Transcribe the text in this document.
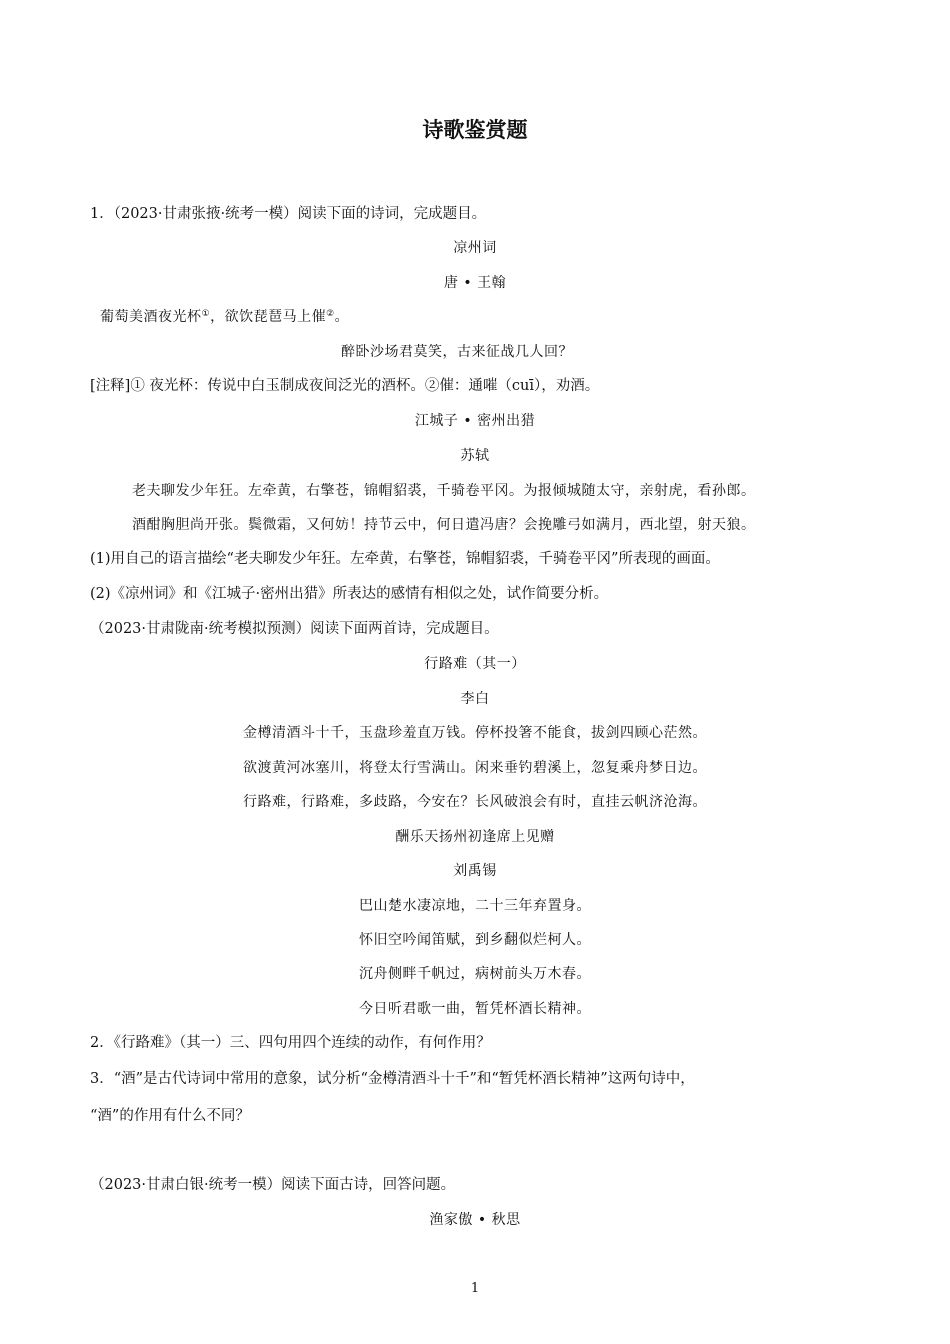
诗歌鉴赏题
1．（2023·甘肃张掖·统考一模）阅读下面的诗词，完成题目。
凉州词
唐 • 王翰
葡萄美酒夜光杯①，欲饮琵琶马上催②。
醉卧沙场君莫笑，古来征战几人回？
[注释]① 夜光杯：传说中白玉制成夜间泛光的酒杯。②催：通嗺（cuī），劝酒。
江城子 • 密州出猎
苏轼
老夫聊发少年狂。左牵黄，右擎苍，锦帽貂裘，千骑卷平冈。为报倾城随太守，亲射虎，看孙郎。
酒酣胸胆尚开张。鬓微霜，又何妨！持节云中，何日遣冯唐？会挽雕弓如满月，西北望，射天狼。
(1)用自己的语言描绘“老夫聊发少年狂。左牵黄，右擎苍，锦帽貂裘，千骑卷平冈”所表现的画面。
(2)《凉州词》和《江城子·密州出猎》所表达的感情有相似之处，试作简要分析。
（2023·甘肃陇南·统考模拟预测）阅读下面两首诗，完成题目。
行路难（其一）
李白
金樽清酒斗十千，玉盘珍羞直万钱。停杯投箸不能食，拔剑四顾心茫然。
欲渡黄河冰塞川，将登太行雪满山。闲来垂钓碧溪上，忽复乘舟梦日边。
行路难，行路难，多歧路，今安在？长风破浪会有时，直挂云帆济沧海。
酬乐天扬州初逢席上见赠
刘禹锡
巴山楚水凄凉地，二十三年弃置身。
怀旧空吟闻笛赋，到乡翻似烂柯人。
沉舟侧畔千帆过，病树前头万木春。
今日听君歌一曲，暂凭杯酒长精神。
2．《行路难》（其一）三、四句用四个连续的动作，有何作用？
3．“酒”是古代诗词中常用的意象，试分析“金樽清酒斗十千”和“暂凭杯酒长精神”这两句诗中，
“酒”的作用有什么不同？
（2023·甘肃白银·统考一模）阅读下面古诗，回答问题。
渔家傲 • 秋思
1
